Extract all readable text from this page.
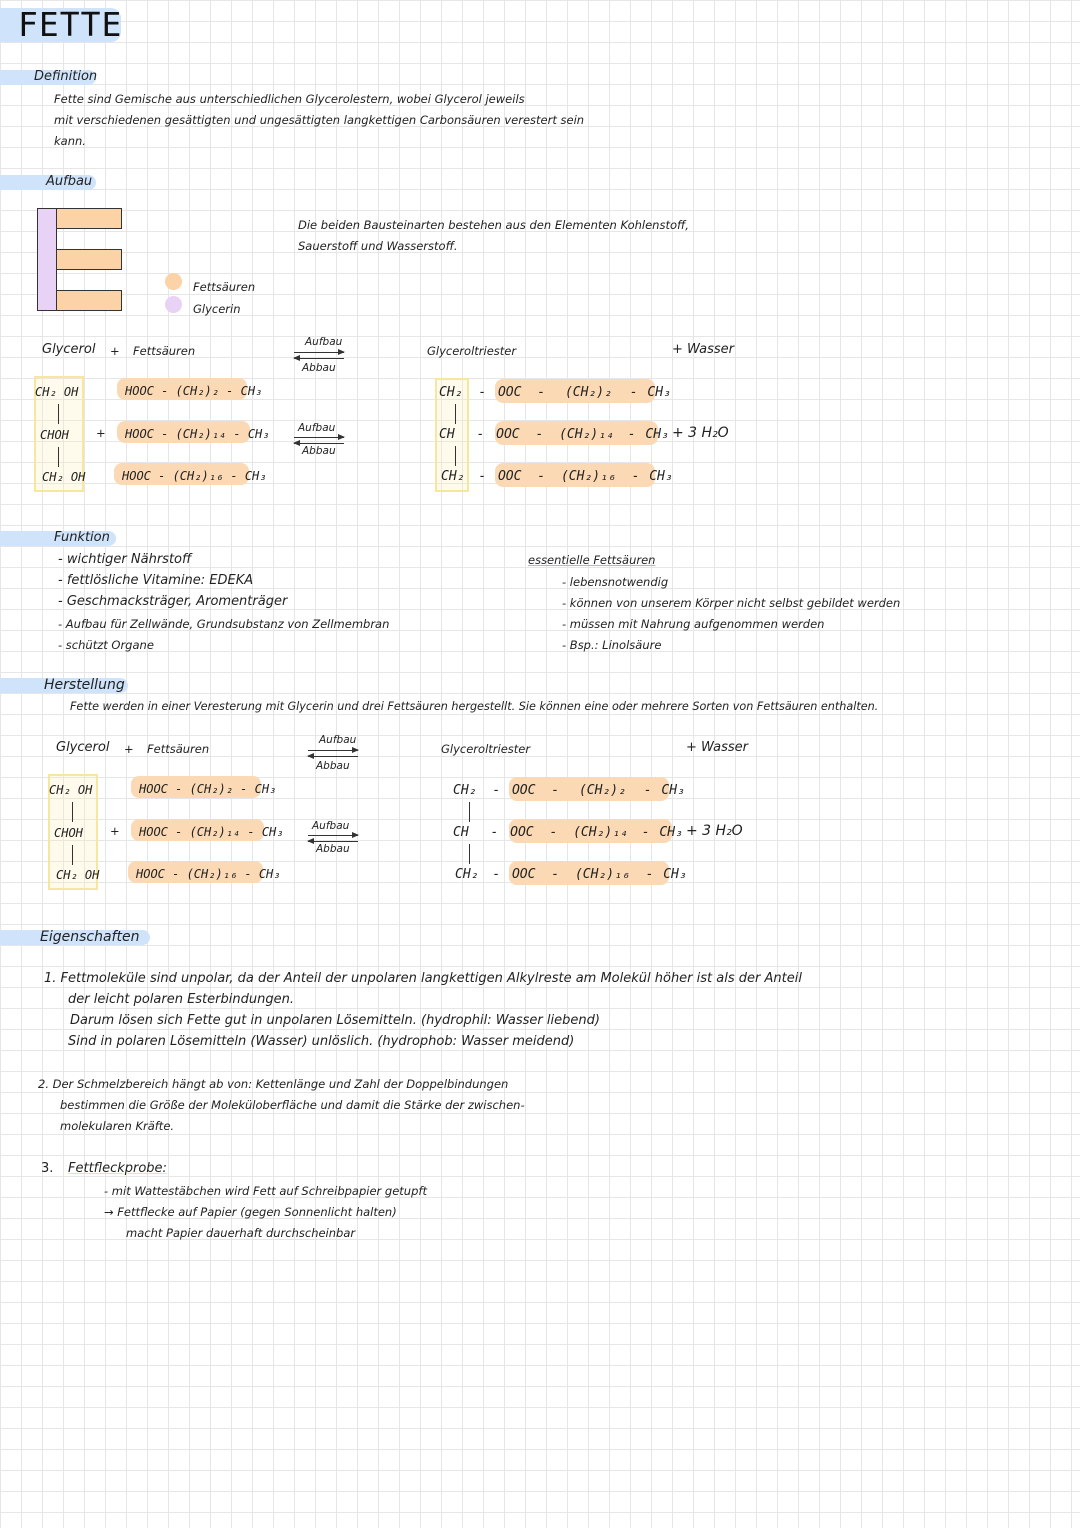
FETTE
Definition
Fette sind Gemische aus unterschiedlichen Glycerolestern, wobei Glycerol jeweils
mit verschiedenen gesättigten und ungesättigten langkettigen Carbonsäuren verestert sein
kann.
Aufbau
Fettsäuren
Glycerin
Die beiden Bausteinarten bestehen aus den Elementen Kohlenstoff,
Sauerstoff und Wasserstoff.
Glycerol + Fettsäuren
Aufbau
Abbau
Glyceroltriester	+ Wasser
CH₂ OH
CHOH
CH₂ OH
+
HOOC - (CH₂)₂ - CH₃
HOOC - (CH₂)₁₄ - CH₃
HOOC - (CH₂)₁₆ - CH₃
Aufbau
Abbau
CH₂ - OOC - (CH₂)₂ - CH₃
CH - OOC - (CH₂)₁₄ - CH₃
CH₂ - OOC - (CH₂)₁₆ - CH₃
+ 3 H₂O
Funktion
- wichtiger Nährstoff
- fettlösliche Vitamine: EDEKA
- Geschmacksträger, Aromenträger
- Aufbau für Zellwände, Grundsubstanz von Zellmembran
- schützt Organe
essentielle Fettsäuren
- lebensnotwendig
- können von unserem Körper nicht selbst gebildet werden
- müssen mit Nahrung aufgenommen werden
- Bsp.: Linolsäure
Herstellung
Fette werden in einer Veresterung mit Glycerin und drei Fettsäuren hergestellt. Sie können eine oder mehrere Sorten von Fettsäuren enthalten.
Glycerol + Fettsäuren
Aufbau
Abbau
Glyceroltriester	+ Wasser
CH₂ OH
CHOH
CH₂ OH
+
HOOC - (CH₂)₂ - CH₃
HOOC - (CH₂)₁₄ - CH₃
HOOC - (CH₂)₁₆ - CH₃
Aufbau
Abbau
CH₂ - OOC - (CH₂)₂ - CH₃
CH - OOC - (CH₂)₁₄ - CH₃
CH₂ - OOC - (CH₂)₁₆ - CH₃
+ 3 H₂O
Eigenschaften
1. Fettmoleküle sind unpolar, da der Anteil der unpolaren langkettigen Alkylreste am Molekül höher ist als der Anteil
der leicht polaren Esterbindungen.
Darum lösen sich Fette gut in unpolaren Lösemitteln. (hydrophil: Wasser liebend)
Sind in polaren Lösemitteln (Wasser) unlöslich. (hydrophob: Wasser meidend)
2. Der Schmelzbereich hängt ab von: Kettenlänge und Zahl der Doppelbindungen
bestimmen die Größe der Moleküloberfläche und damit die Stärke der zwischen-
molekularen Kräfte.
3. Fettfleckprobe:
- mit Wattestäbchen wird Fett auf Schreibpapier getupft
→ Fettflecke auf Papier (gegen Sonnenlicht halten)
macht Papier dauerhaft durchscheinbar
